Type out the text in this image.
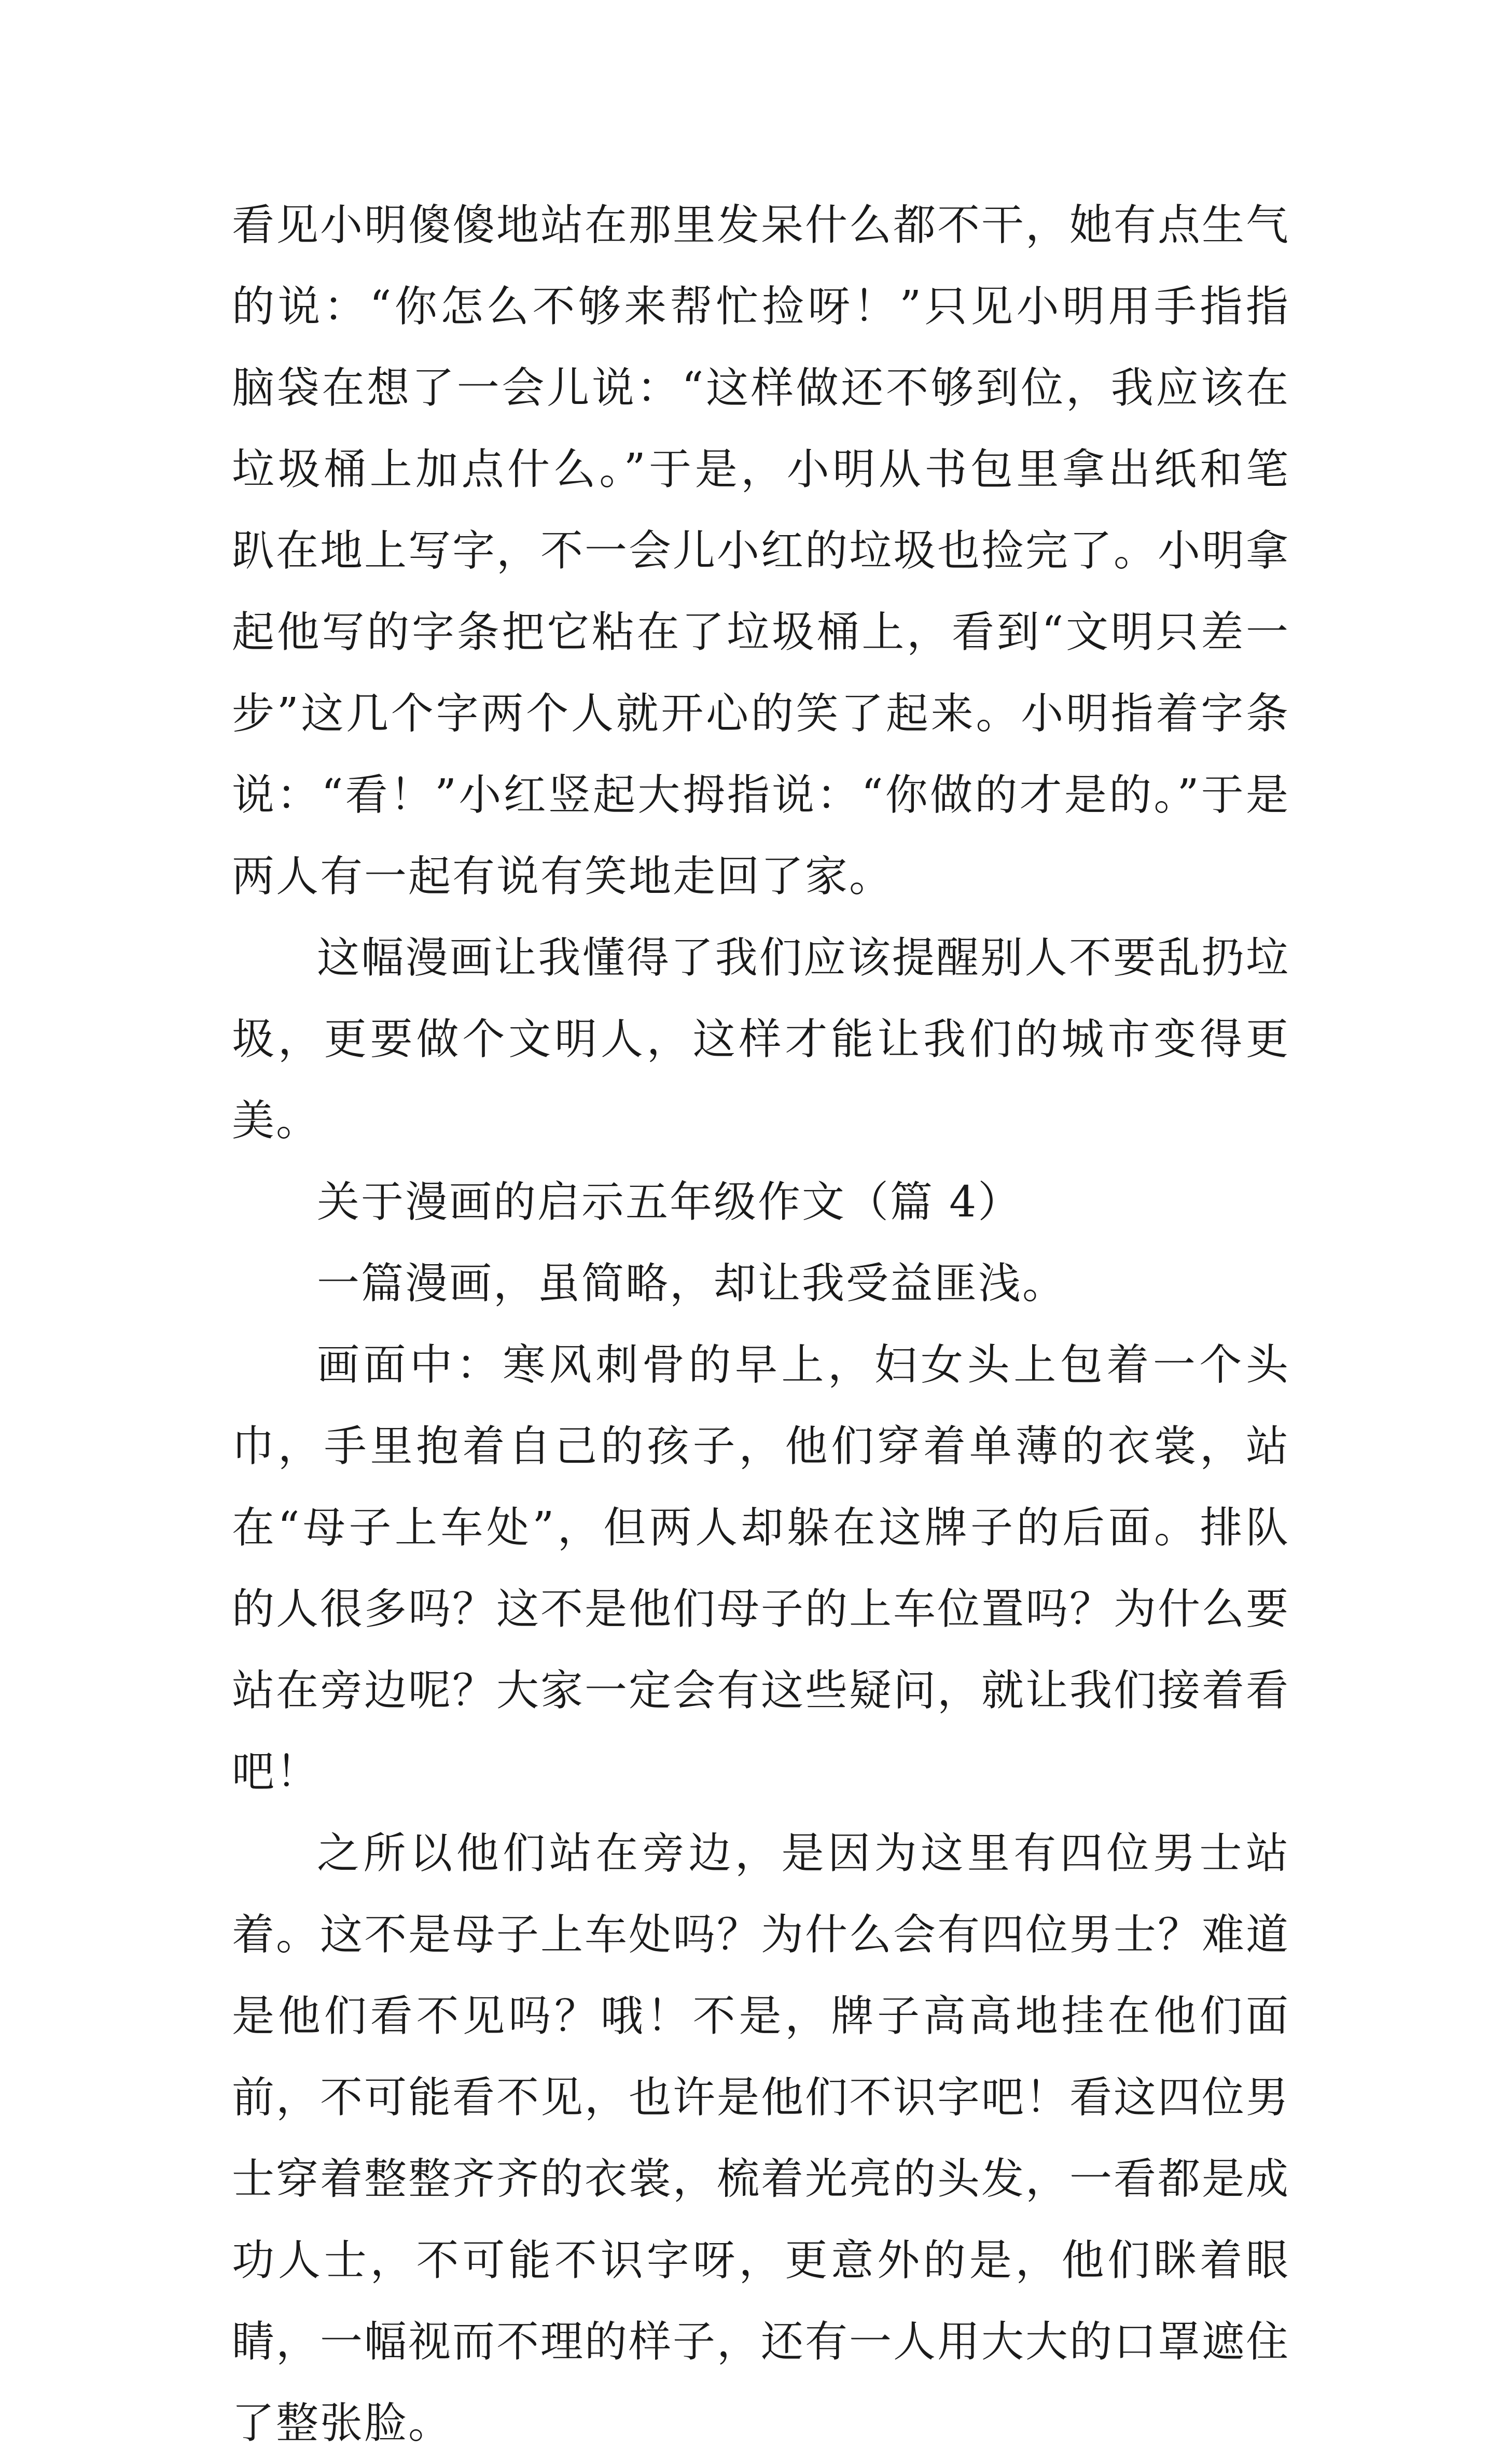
看见小明傻傻地站在那里发呆什么都不干，她有点生气的说：“你怎么不够来帮忙捡呀！”只见小明用手指指脑袋在想了一会儿说：“这样做还不够到位，我应该在垃圾桶上加点什么。”于是，小明从书包里拿出纸和笔趴在地上写字，不一会儿小红的垃圾也捡完了。小明拿起他写的字条把它粘在了垃圾桶上，看到“文明只差一步”这几个字两个人就开心的笑了起来。小明指着字条说：“看！”小红竖起大拇指说：“你做的才是的。”于是两人有一起有说有笑地走回了家。

这幅漫画让我懂得了我们应该提醒别人不要乱扔垃圾，更要做个文明人，这样才能让我们的城市变得更美。

关于漫画的启示五年级作文（篇 4）

一篇漫画，虽简略，却让我受益匪浅。

画面中：寒风刺骨的早上，妇女头上包着一个头巾，手里抱着自己的孩子，他们穿着单薄的衣裳，站在“母子上车处”，但两人却躲在这牌子的后面。排队的人很多吗？这不是他们母子的上车位置吗？为什么要站在旁边呢？大家一定会有这些疑问，就让我们接着看吧！

之所以他们站在旁边，是因为这里有四位男士站着。这不是母子上车处吗？为什么会有四位男士？难道是他们看不见吗？哦！不是，牌子高高地挂在他们面前，不可能看不见，也许是他们不识字吧！看这四位男士穿着整整齐齐的衣裳，梳着光亮的头发，一看都是成功人士，不可能不识字呀，更意外的是，他们眯着眼睛，一幅视而不理的样子，还有一人用大大的口罩遮住了整张脸。
